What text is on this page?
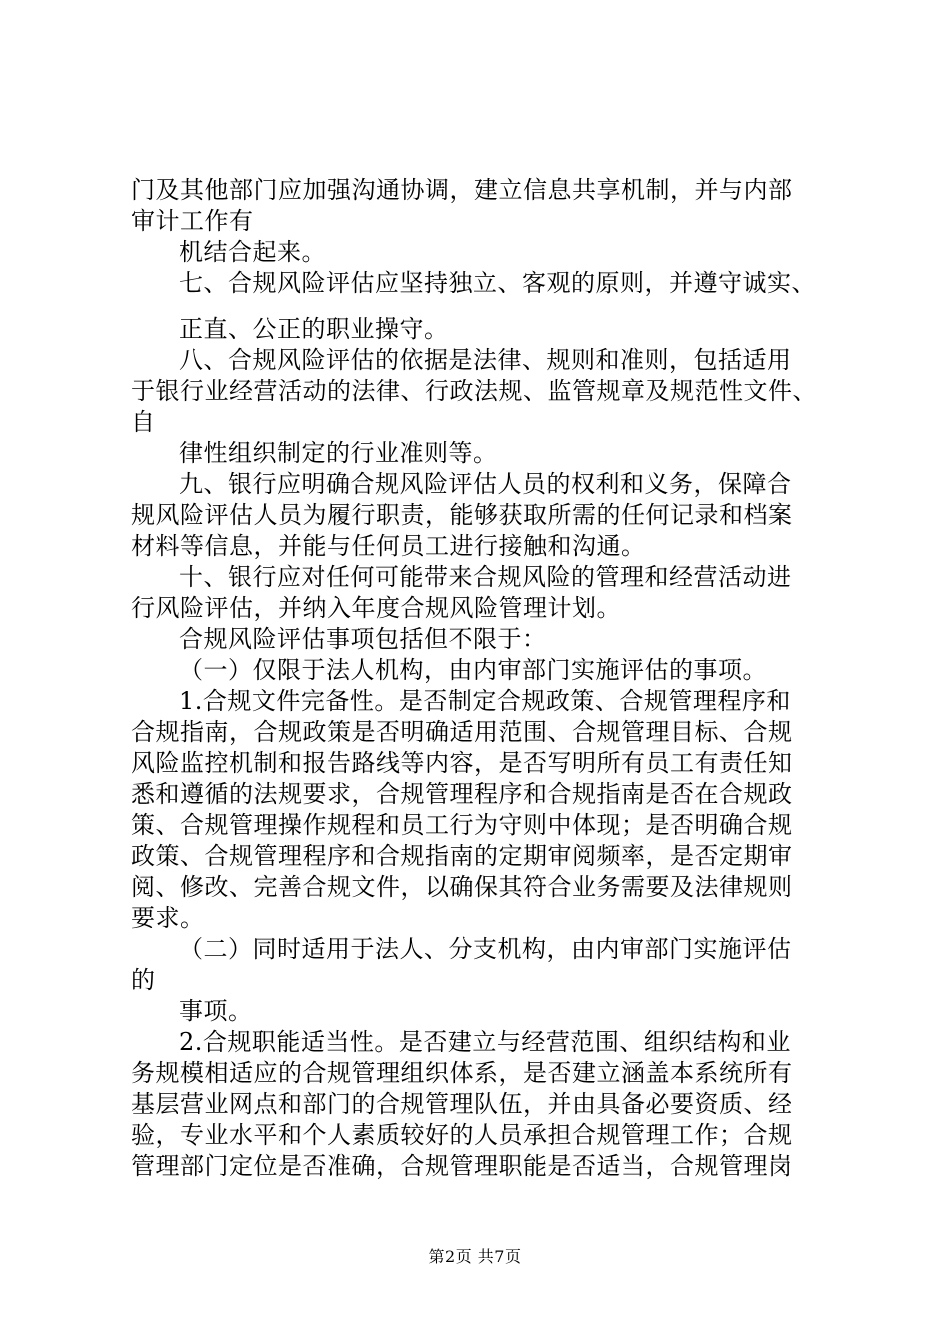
门及其他部门应加强沟通协调，建立信息共享机制，并与内部
审计工作有
机结合起来。
七、合规风险评估应坚持独立、客观的原则，并遵守诚实、
正直、公正的职业操守。
八、合规风险评估的依据是法律、规则和准则，包括适用
于银行业经营活动的法律、行政法规、监管规章及规范性文件、
自
律性组织制定的行业准则等。
九、银行应明确合规风险评估人员的权利和义务，保障合
规风险评估人员为履行职责，能够获取所需的任何记录和档案
材料等信息，并能与任何员工进行接触和沟通。
十、银行应对任何可能带来合规风险的管理和经营活动进
行风险评估，并纳入年度合规风险管理计划。
合规风险评估事项包括但不限于：
（一）仅限于法人机构，由内审部门实施评估的事项。
1.合规文件完备性。是否制定合规政策、合规管理程序和
合规指南，合规政策是否明确适用范围、合规管理目标、合规
风险监控机制和报告路线等内容，是否写明所有员工有责任知
悉和遵循的法规要求，合规管理程序和合规指南是否在合规政
策、合规管理操作规程和员工行为守则中体现；是否明确合规
政策、合规管理程序和合规指南的定期审阅频率，是否定期审
阅、修改、完善合规文件，以确保其符合业务需要及法律规则
要求。
（二）同时适用于法人、分支机构，由内审部门实施评估
的
事项。
2.合规职能适当性。是否建立与经营范围、组织结构和业
务规模相适应的合规管理组织体系，是否建立涵盖本系统所有
基层营业网点和部门的合规管理队伍，并由具备必要资质、经
验，专业水平和个人素质较好的人员承担合规管理工作；合规
管理部门定位是否准确，合规管理职能是否适当，合规管理岗
第2页 共7页
